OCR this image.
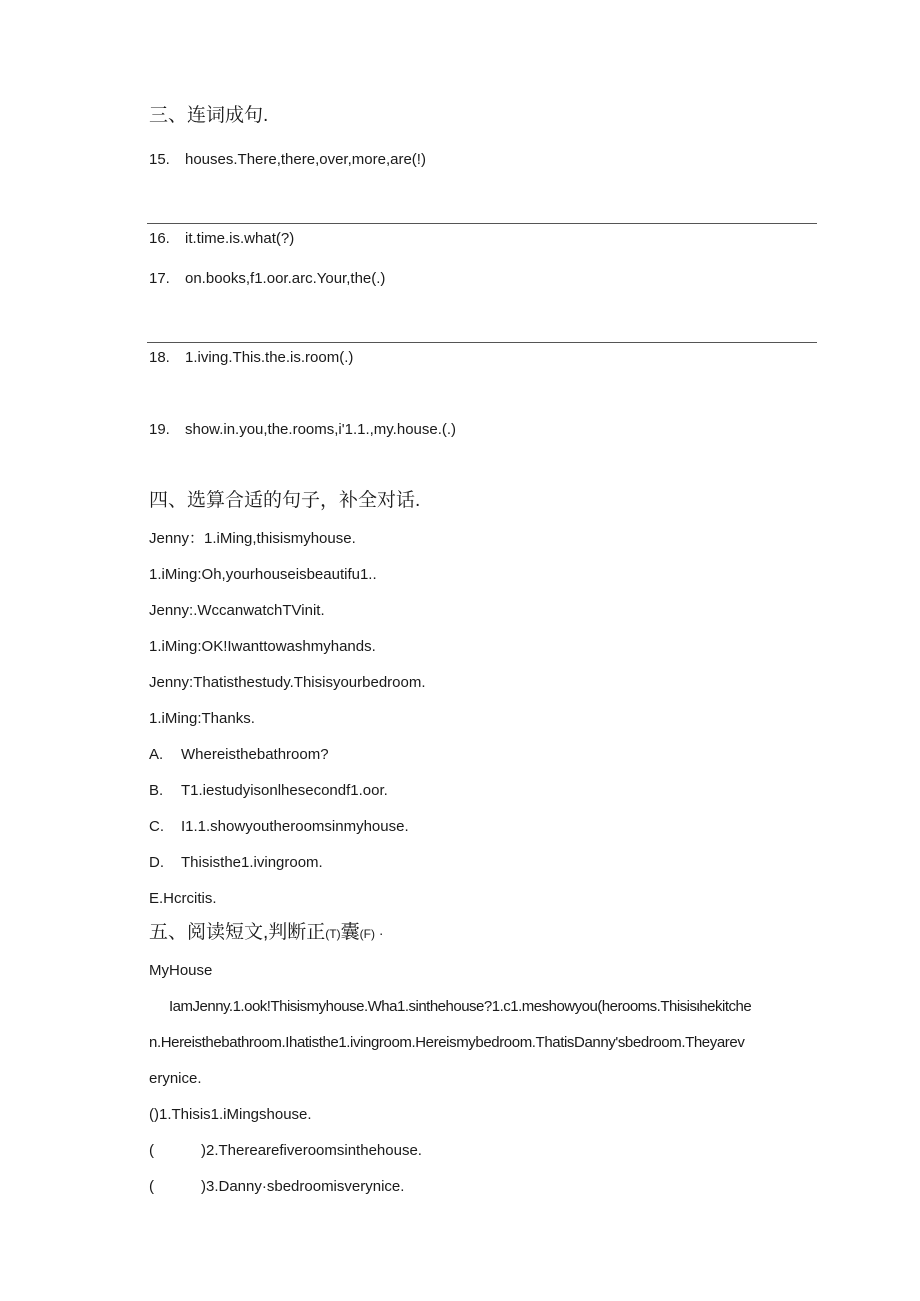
三、连词成句.
15. houses.There,there,over,more,are(!)
16. it.time.is.what(?)
17. on.books,f1.oor.arc.Your,the(.)
18. 1.iving.This.the.is.room(.)
19. show.in.you,the.rooms,i'1.1.,my.house.(.)
四、选算合适的句子，补全对话.
Jenny：1.iMing,thisismyhouse.
1.iMing:Oh,yourhouseisbeautifu1..
Jenny:.WccanwatchTVinit.
1.iMing:OK!Iwanttowashmyhands.
Jenny:Thatisthestudy.Thisisyourbedroom.
1.iMing:Thanks.
A. Whereisthebathroom?
B. T1.iestudyisonlhesecondf1.oor.
C. I1.1.showyoutheroomsinmyhouse.
D. Thisisthe1.ivingroom.
E.Hcrcitis.
五、阅读短文,判断正(T)囊(F) ·
MyHouse
IamJenny.1.ook!Thisismyhouse.Wha1.sinthehouse?1.c1.meshowyou(herooms.Thisisιhekitche
n.Hereisthebathroom.Ihatisthe1.ivingroom.Hereismybedroom.ThatisDanny'sbedroom.Theyarev
erynice.
()1.Thisis1.iMingshouse.
(	)2.Therearefiveroomsinthehouse.
(	)3.Danny·sbedroomisverynice.
